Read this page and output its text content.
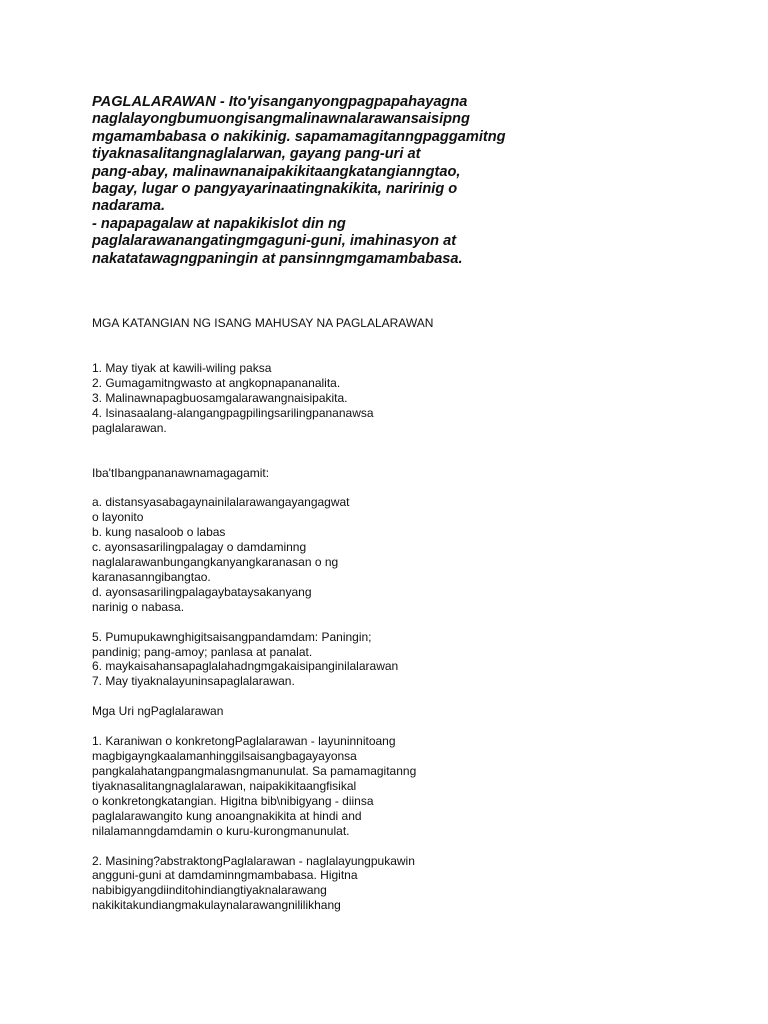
PAGLALARAWAN - Ito'yisanganyongpagpapahayagna
naglalayongbumuongisangmalinawnalarawansaisipng
mgamambabasa o nakikinig. sapamamagitanngpaggamitng
tiyaknasalitangnaglalarwan, gayang pang-uri at
pang-abay, malinawnanaipakikitaangkatangianngtao,
bagay, lugar o pangyayarinaatingnakikita, naririnig o
nadarama.
- napapagalaw at napakikislot din ng
paglalarawanangatingmgaguni-guni, imahinasyon at
nakatatawagngpaningin at pansinngmgamambabasa.

MGA KATANGIAN NG ISANG MAHUSAY NA PAGLALARAWAN
1. May tiyak at kawili-wiling paksa
2. Gumagamitngwasto at angkopnapananalita.
3. Malinawnapagbuosamgalarawangnaisipakita.
4. Isinasaalang-alangangpagpilingsarilingpananawsa
paglalarawan.
Iba'tIbangpananawnamagagamit:
a. distansyasabagaynainilalarawangayangagwat
o layonito
b. kung nasaloob o labas
c. ayonsasarilingpalagay o damdaminng
naglalarawanbungangkanyangkaranasan o ng
karanasanngibangtao.
d. ayonsasarilingpalagaybataysakanyang
narinig o nabasa.
5. Pumupukawnghigitsaisangpandamdam: Paningin;
pandinig; pang-amoy; panlasa at panalat.
6. maykaisahansapaglalahadngmgakaisipanginilalarawan
7. May tiyaknalayuninsapaglalarawan.
Mga Uri ngPaglalarawan
1. Karaniwan o konkretongPaglalarawan - layuninnitoang
magbigayngkaalamanhinggilsaisangbagayayonsa
pangkalahatangpangmalasngmanunulat. Sa pamamagitanng
tiyaknasalitangnaglalarawan, naipakikitaangfisikal
o konkretongkatangian. Higitna bib\nibigyang - diinsa
paglalarawangito kung anoangnakikita at hindi and
nilalamanngdamdamin o kuru-kurongmanunulat.
2. Masining?abstraktongPaglalarawan - naglalayungpukawin
angguni-guni at damdaminngmambabasa. Higitna
nabibigyangdiinditohindiangtiyaknalarawang
nakikitakundiangmakulaynalarawangnililikhang
